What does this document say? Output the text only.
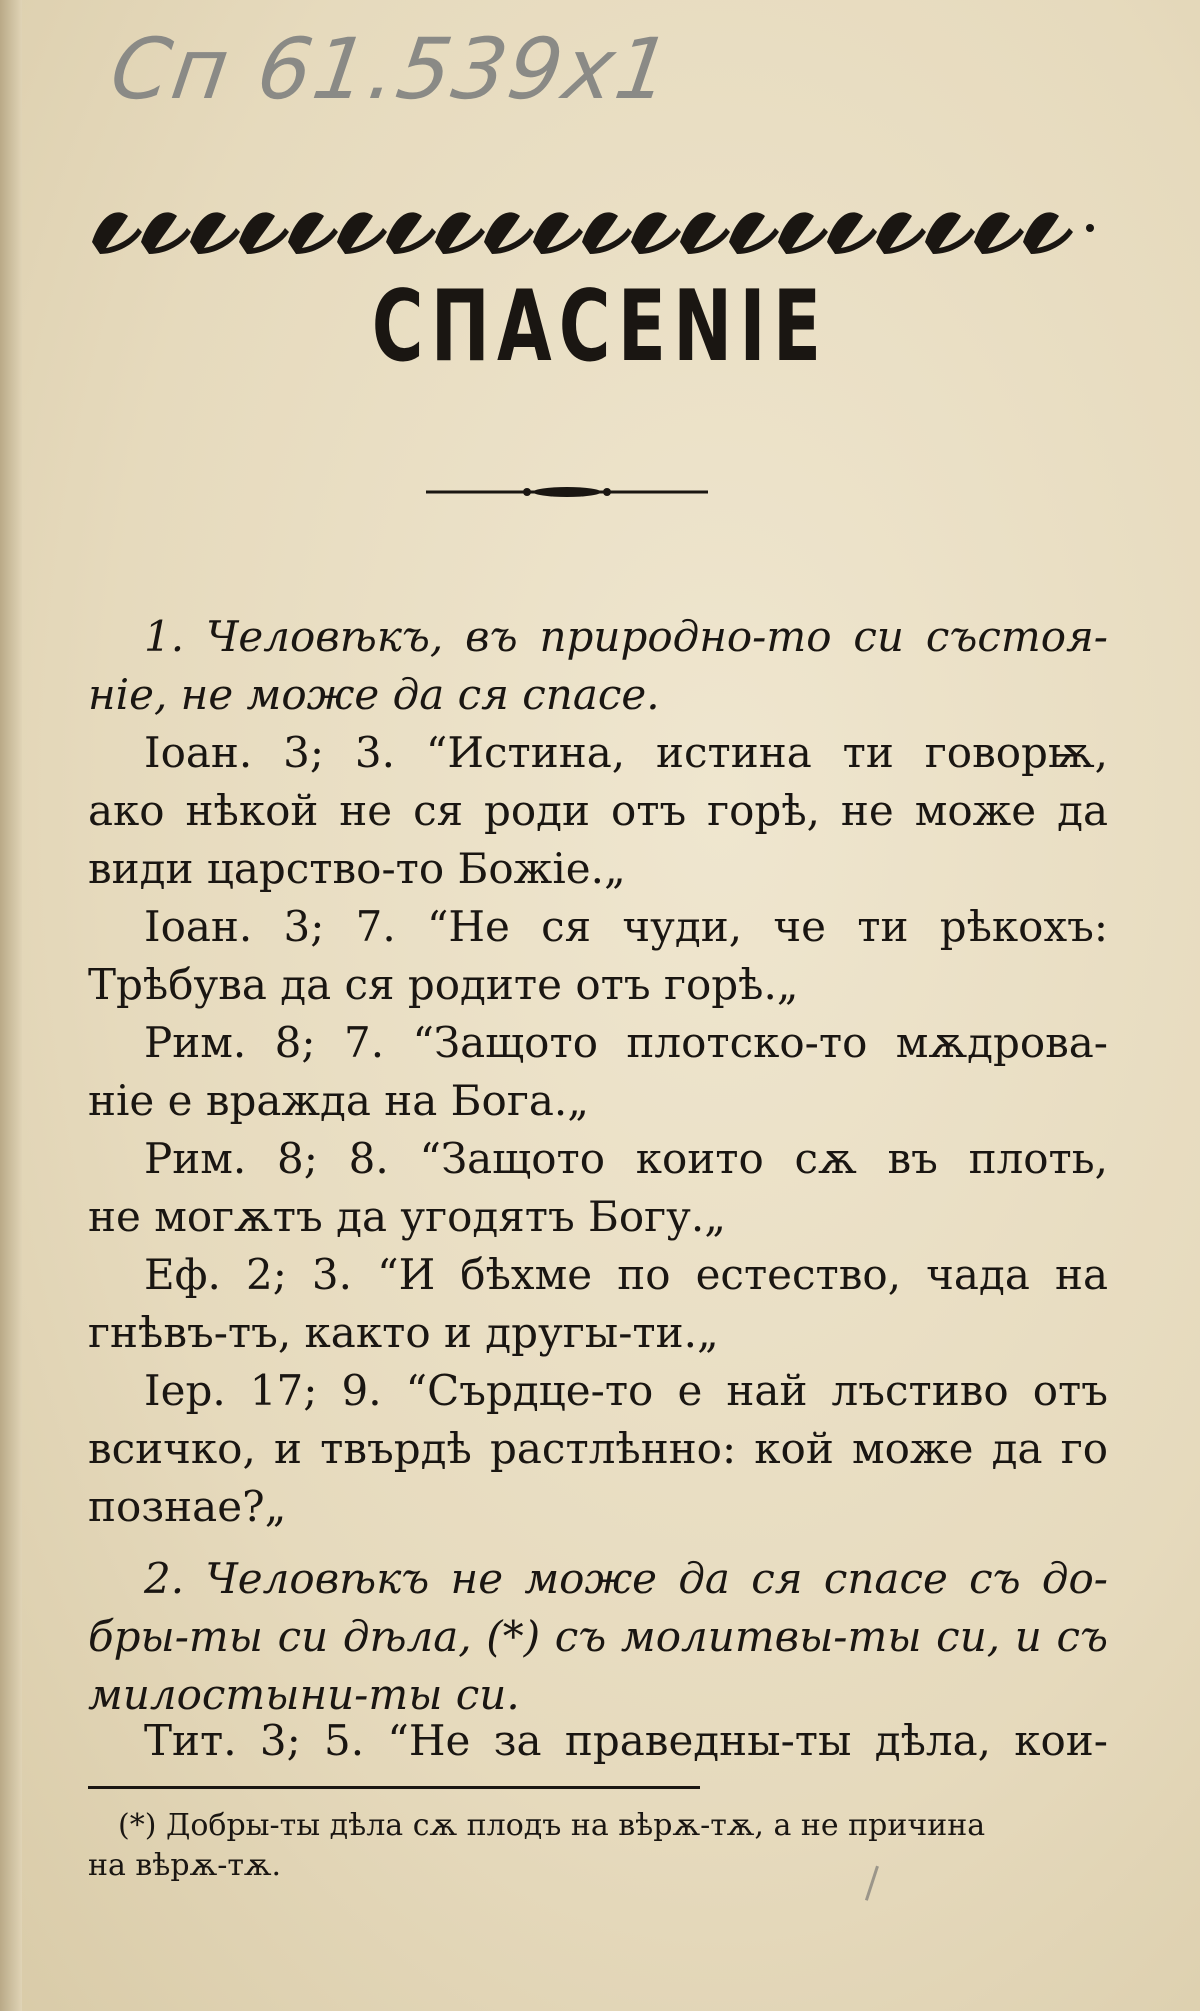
Сп 61.539х1
СПАСЕNIE
1. Человѣкъ, въ природно-то си състоя-
ніе, не може да ся спасе.
Іоан. 3; 3. “Истина, истина ти говорѭ,
ако нѣкой не ся роди отъ горѣ, не може да
види царство-то Божіе.„
Іоан. 3; 7. “Не ся чуди, че ти рѣкохъ:
Трѣбува да ся родите отъ горѣ.„
Рим. 8; 7. “Защото плотско-то мѫдрова-
ніе е вражда на Бога.„
Рим. 8; 8. “Защото които сѫ въ плоть,
не могѫтъ да угодятъ Богу.„
Еф. 2; 3. “И бѣхме по естество, чада на
гнѣвъ-тъ, както и другы-ти.„
Іер. 17; 9. “Сърдце-то е най лъстиво отъ
всичко, и твърдѣ растлѣнно: кой може да го
познае?„
2. Человѣкъ не може да ся спасе съ до-
бры-ты си дѣла, (*) съ молитвы-ты си, и съ
милостыни-ты си.
Тит. 3; 5. “Не за праведны-ты дѣла, кои-
(*) Добры-ты дѣла сѫ плодъ на вѣрѫ-тѫ, а не причина
на вѣрѫ-тѫ.
